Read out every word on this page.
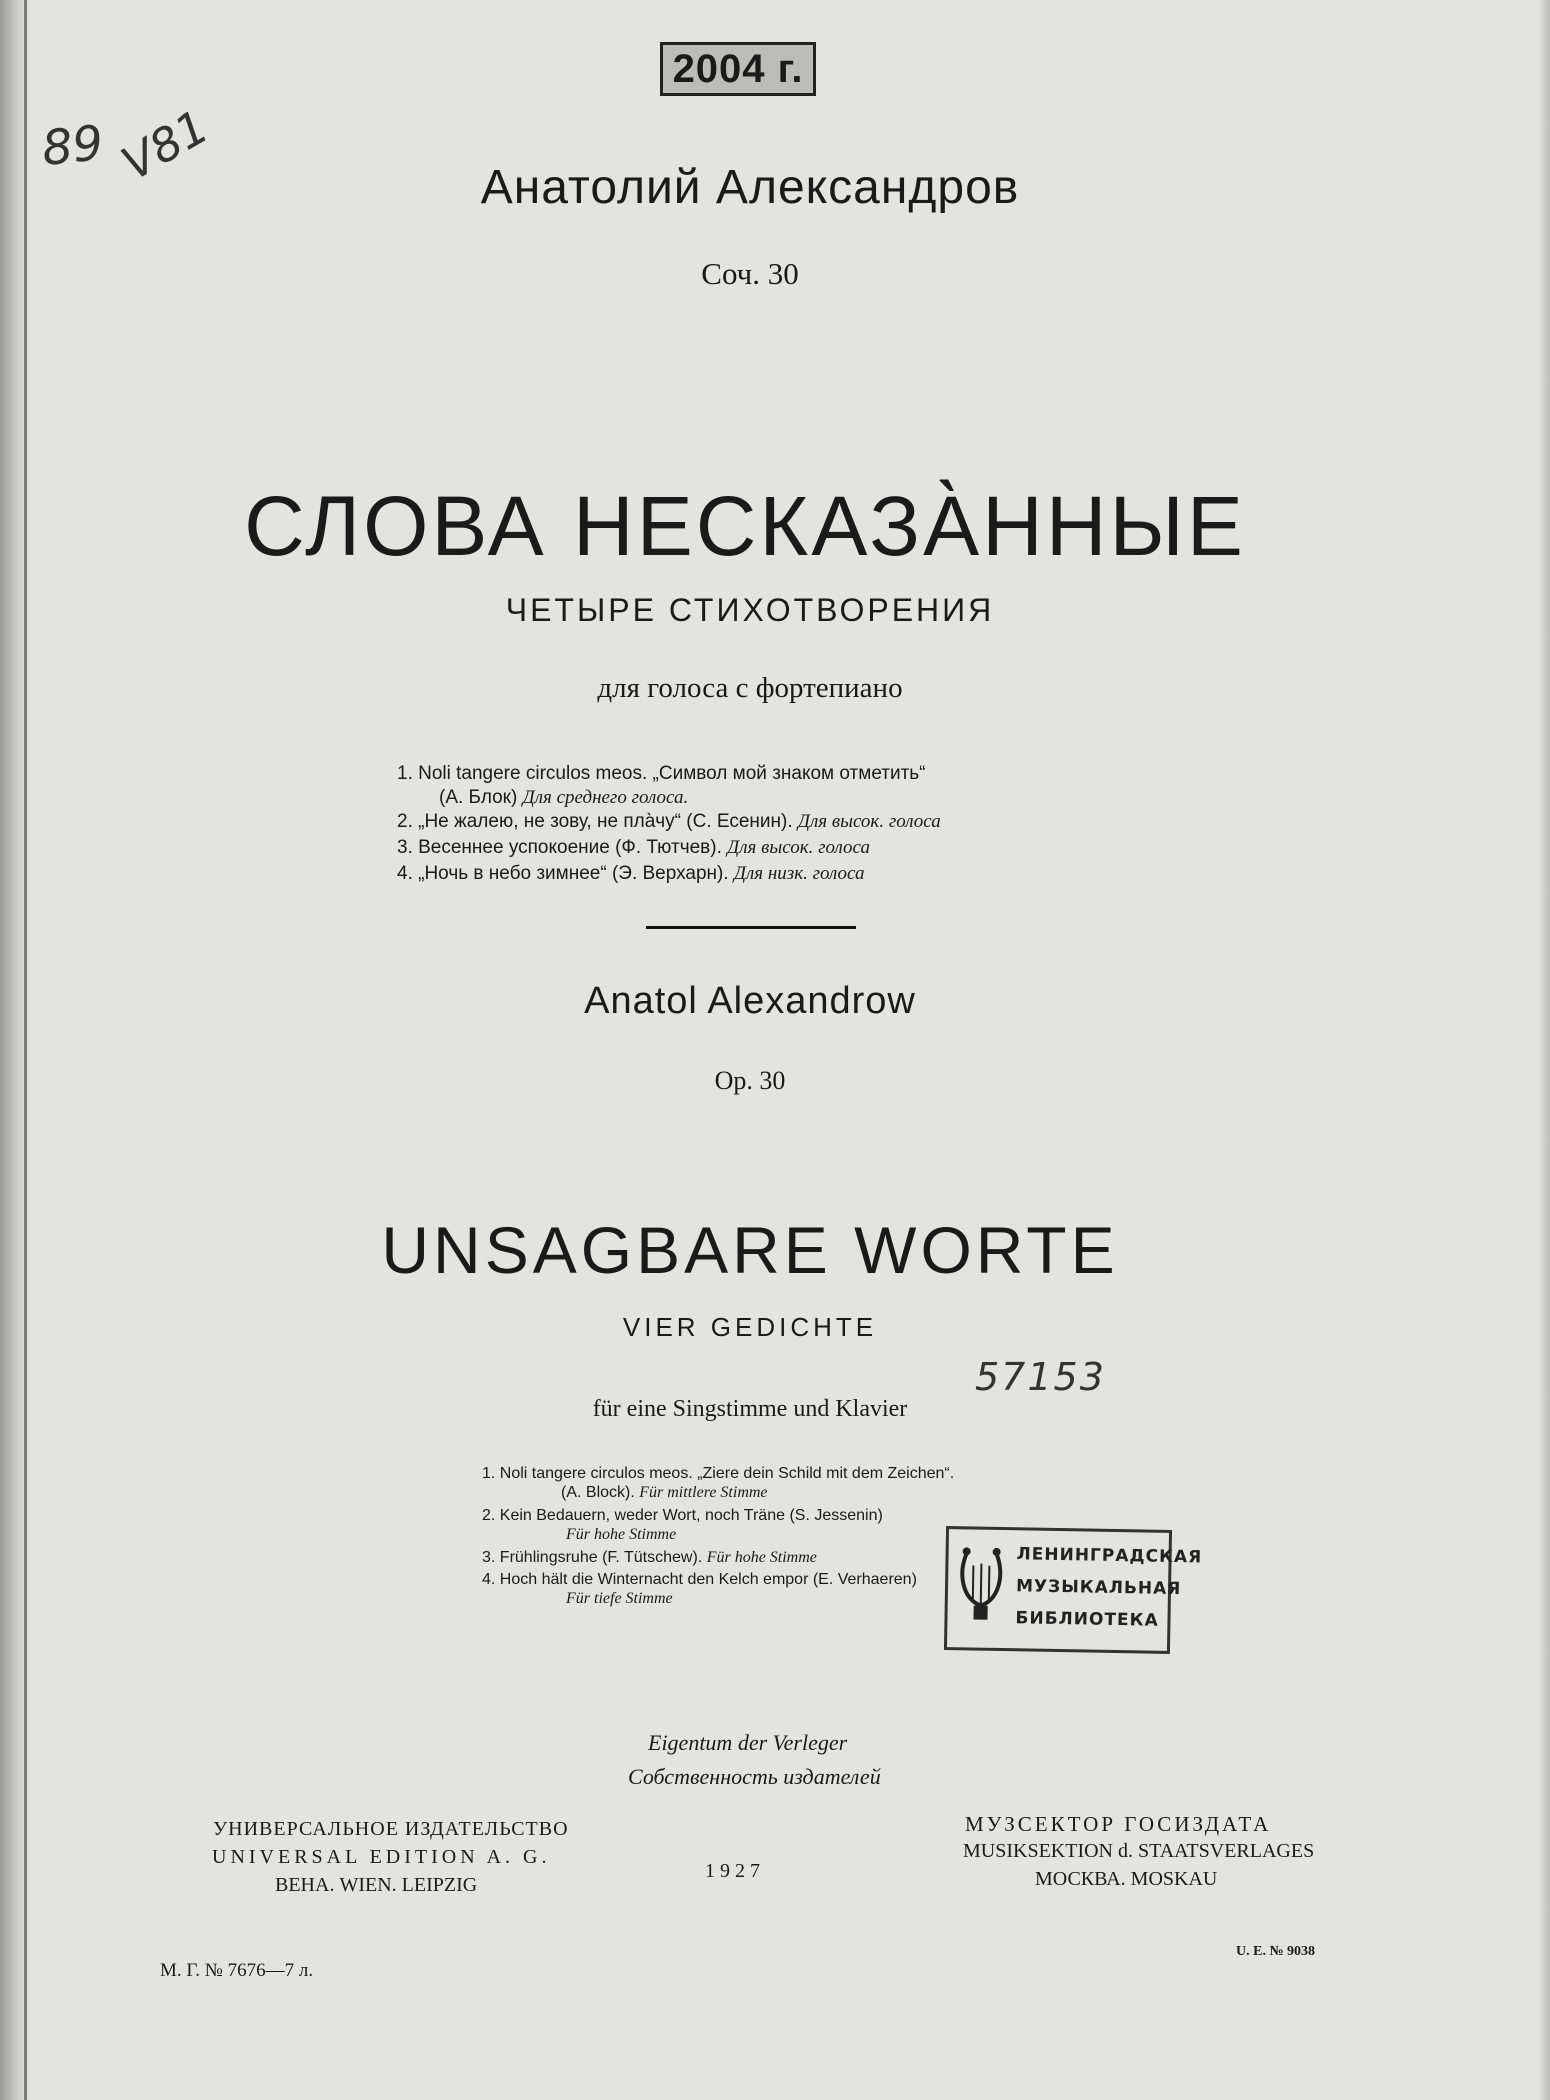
2004 г.
89 V81
57153
Анатолий Александров
Соч. 30
СЛОВА НЕСКАЗА̀ННЫЕ
ЧЕТЫРЕ СТИХОТВОРЕНИЯ
для голоса с фортепиано
1. Noli tangere circulos meos. „Символ мой знаком отметить“
(А. Блок) Для среднего голоса.
2. „Не жалею, не зову, не пла̀чу“ (С. Есенин). Для высок. голоса
3. Весеннее успокоение (Ф. Тютчев). Для высок. голоса
4. „Ночь в небо зимнее“ (Э. Верхарн). Для низк. голоса
Anatol Alexandrow
Op. 30
UNSAGBARE WORTE
VIER GEDICHTE
für eine Singstimme und Klavier
1. Noli tangere circulos meos. „Ziere dein Schild mit dem Zeichen“.
(A. Block). Für mittlere Stimme
2. Kein Bedauern, weder Wort, noch Träne (S. Jessenin)
Für hohe Stimme
3. Frühlingsruhe (F. Tütschew). Für hohe Stimme
4. Hoch hält die Winternacht den Kelch empor (E. Verhaeren)
Für tiefe Stimme
ЛЕНИНГРАДСКАЯ
МУЗЫКАЛЬНАЯ
БИБЛИОТЕКА
Eigentum der Verleger
Собственность издателей
УНИВЕРСАЛЬНОЕ ИЗДАТЕЛЬСТВО
UNIVERSAL EDITION A. G.
ВЕНА. WIEN. LEIPZIG
1 9 2 7
МУЗСЕКТОР ГОСИЗДАТА
MUSIKSEKTION d. STAATSVERLAGES
МОСКВА. MOSKAU
М. Г. № 7676—7 л.
U. E. № 9038
